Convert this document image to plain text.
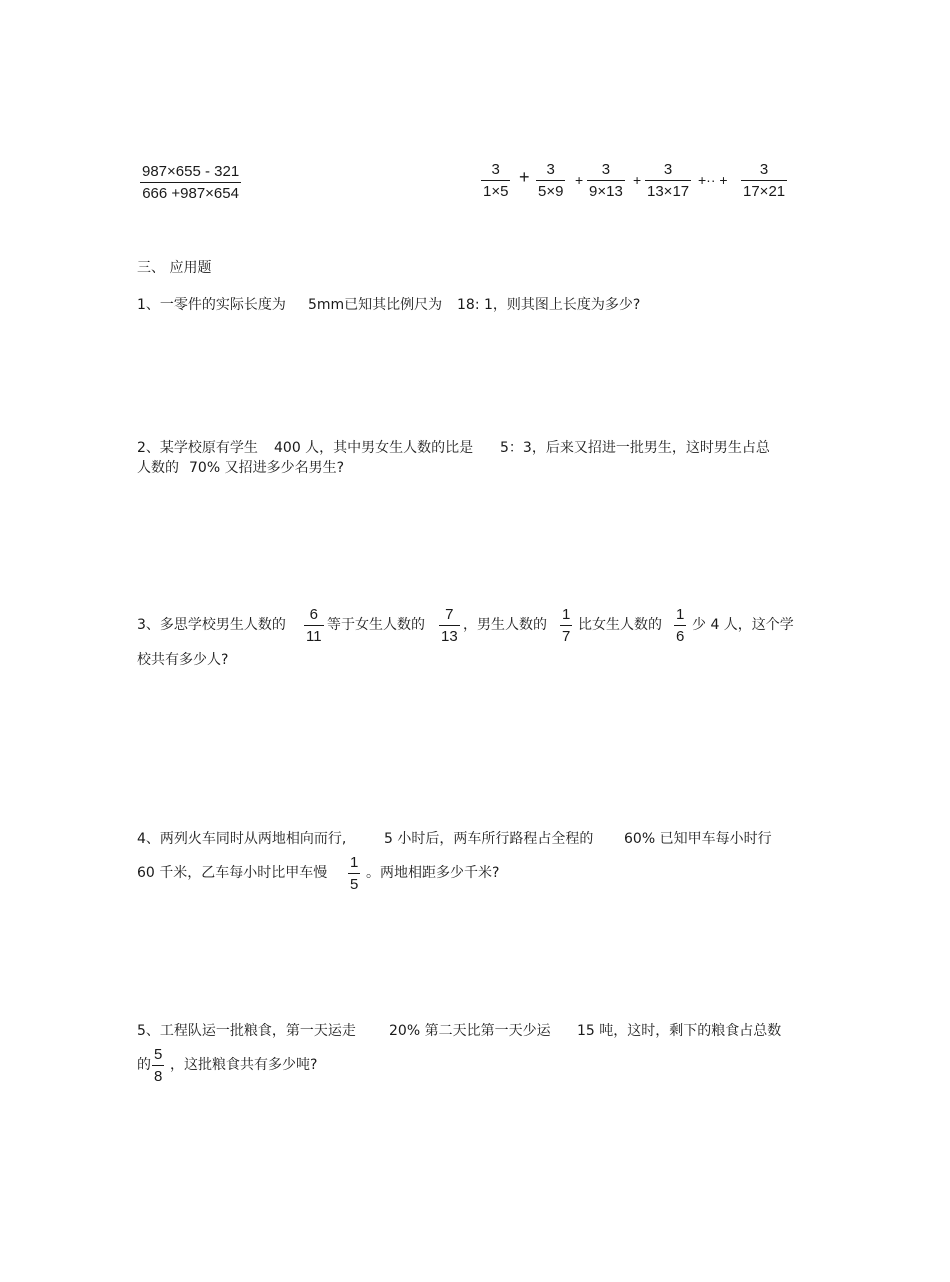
987×655 - 321
666 +987×654
3
1×5
+ 3
5×9
+
3
9×13
+
3
13×17
+·· +
3
17×21
三、 应用题
1、一零件的实际长度为 5mm已知其比例尺为 18: 1，则其图上长度为多少?
2、某学校原有学生 400 人，其中男女生人数的比是 5：3，后来又招进一批男生，这时男生占总
人数的 70% 又招进多少名男生?
3、多思学校男生人数的
6
11
等于女生人数的
7
13
，男生人数的
1
7
比女生人数的
1
6
少 4 人，这个学
校共有多少人?
4、两列火车同时从两地相向而行,	5 小时后，两车所行路程占全程的 60% 已知甲车每小时行
60 千米，乙车每小时比甲车慢
1
5
。两地相距多少千米?
5、工程队运一批粮食，第一天运走 20% 第二天比第一天少运 15 吨，这时，剩下的粮食占总数
的
5
8
，这批粮食共有多少吨?
